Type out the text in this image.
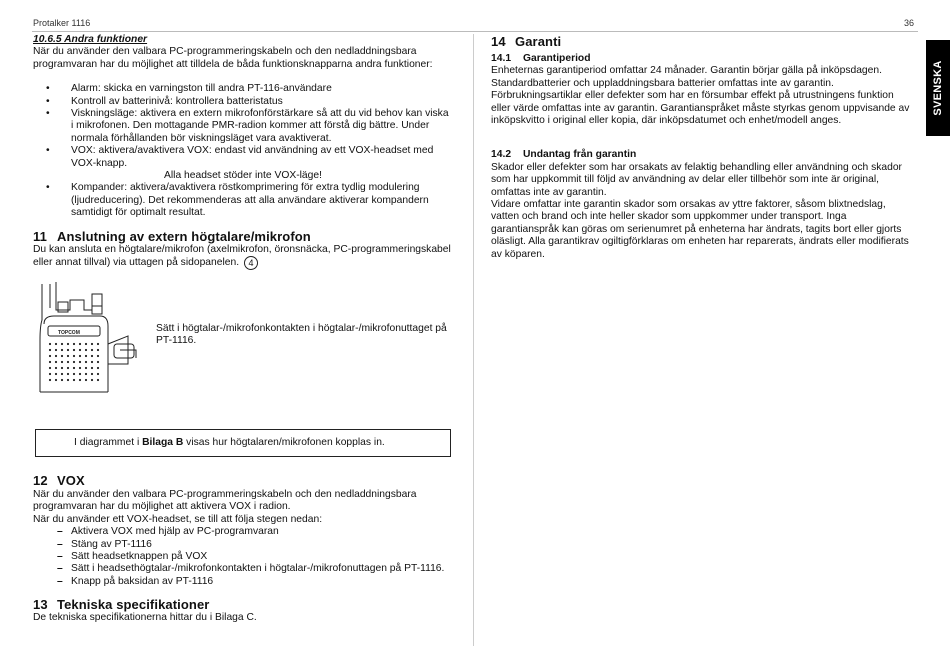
Protalker 1116	36
SVENSKA
10.6.5 Andra funktioner

När du använder den valbara PC-programmeringskabeln och den nedladdningsbara programvaran har du möjlighet att tilldela de båda funktionsknapparna andra funktioner:

• Alarm: skicka en varningston till andra PT-116-användare
• Kontroll av batterinivå: kontrollera batteristatus
• Viskningsläge: aktivera en extern mikrofonförstärkare så att du vid behov kan viska i mikrofonen. Den mottagande PMR-radion kommer att förstå dig bättre. Under normala förhållanden bör viskningsläget vara avaktiverat.
• VOX: aktivera/avaktivera VOX: endast vid användning av ett VOX-headset med VOX-knapp.
Alla headset stöder inte VOX-läge!
• Kompander: aktivera/avaktivera röstkomprimering för extra tydlig modulering (ljudreducering). Det rekommenderas att alla användare aktiverar kompandern samtidigt för optimalt resultat.
11 Anslutning av extern högtalare/mikrofon

Du kan ansluta en högtalare/mikrofon (axelmikrofon, öronsnäcka, PC-programmeringskabel eller annat tillval) via uttagen på sidopanelen. 4

12 VOX

När du använder den valbara PC-programmeringskabeln och den nedladdningsbara programvaran har du möjlighet att aktivera VOX i radion.

När du använder ett VOX-headset, se till att följa stegen nedan:

– Aktivera VOX med hjälp av PC-programvaran
– Stäng av PT-1116
– Sätt headsetknappen på VOX
– Sätt i headsethögtalar-/mikrofonkontakten i högtalar-/mikrofonuttagen på PT-1116.
– Knapp på baksidan av PT-1116
13 Tekniska specifikationer

De tekniska specifikationerna hittar du i Bilaga C.

TOPCOM	Sätt i högtalar-/mikrofonkontakten i högtalar-/mikrofonuttaget på PT-1116.
I diagrammet i Bilaga B visas hur högtalaren/mikrofonen kopplas in.
14 Garanti
14.1 Garantiperiod

Enheternas garantiperiod omfattar 24 månader. Garantin börjar gälla på inköpsdagen. Standardbatterier och uppladdningsbara batterier omfattas inte av garantin. Förbrukningsartiklar eller defekter som har en försumbar effekt på utrustningens funktion eller värde omfattas inte av garantin. Garantianspråket måste styrkas genom uppvisande av inköpskvitto i original eller kopia, där inköpsdatumet och enhet/modell anges.

14.2 Undantag från garantin

Skador eller defekter som har orsakats av felaktig behandling eller användning och skador som har uppkommit till följd av användning av delar eller tillbehör som inte är original, omfattas inte av garantin.

Vidare omfattar inte garantin skador som orsakas av yttre faktorer, såsom blixtnedslag, vatten och brand och inte heller skador som uppkommer under transport. Inga garantianspråk kan göras om serienumret på enheterna har ändrats, tagits bort eller gjorts oläsligt. Alla garantikrav ogiltigförklaras om enheten har reparerats, ändrats eller modifierats av köparen.
